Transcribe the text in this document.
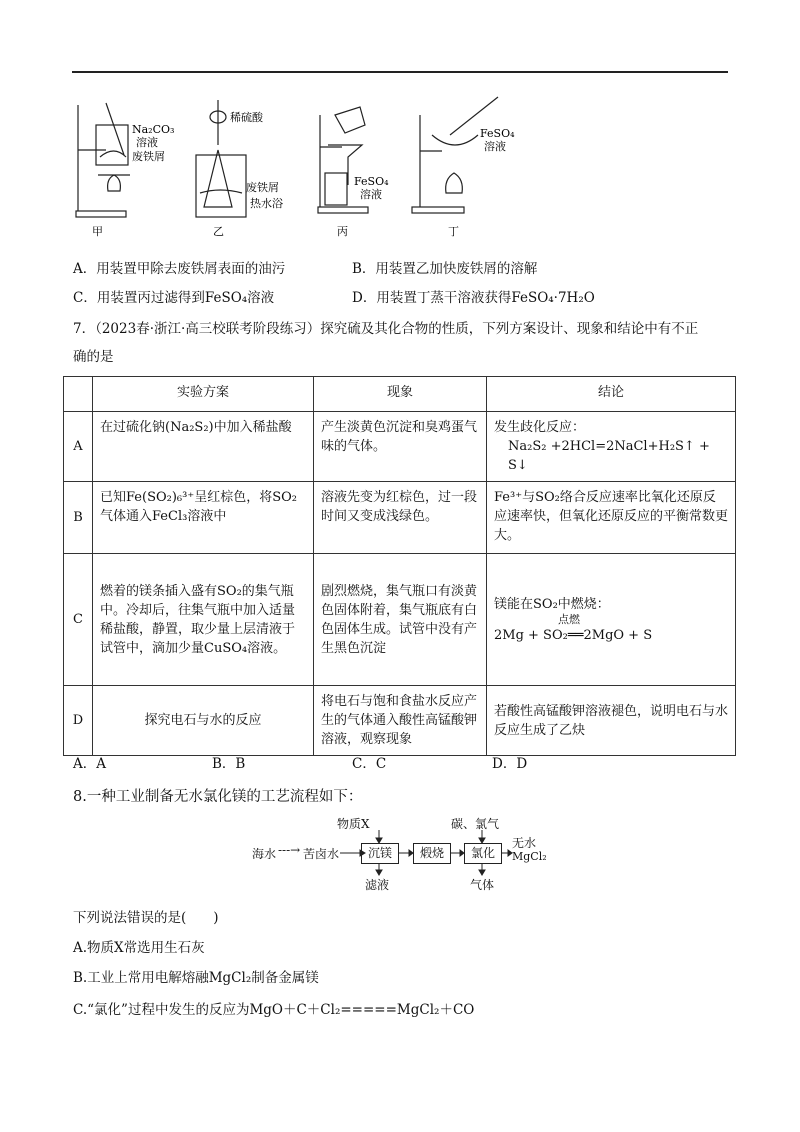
Na₂CO₃
溶液
废铁屑
稀硫酸
废铁屑
热水浴
FeSO₄
溶液
FeSO₄
溶液
甲	乙	丙	丁
A．用装置甲除去废铁屑表面的油污	B．用装置乙加快废铁屑的溶解
C．用装置丙过滤得到FeSO₄溶液	D．用装置丁蒸干溶液获得FeSO₄·7H₂O
7．（2023春·浙江·高三校联考阶段练习）探究硫及其化合物的性质，下列方案设计、现象和结论中有不正
确的是
	实验方案	现象	结论
A	在过硫化钠(Na₂S₂)中加入稀盐酸	产生淡黄色沉淀和臭鸡蛋气味的气体。	发生歧化反应：
Na₂S₂ +2HCl=2NaCl+H₂S↑ + S↓

B	已知Fe(SO₂)₆³⁺呈红棕色，将SO₂气体通入FeCl₃溶液中	溶液先变为红棕色，过一段时间又变成浅绿色。	Fe³⁺与SO₂络合反应速率比氧化还原反应速率快，但氧化还原反应的平衡常数更大。
C	燃着的镁条插入盛有SO₂的集气瓶中。冷却后，往集气瓶中加入适量稀盐酸，静置，取少量上层清液于试管中，滴加少量CuSO₄溶液。	剧烈燃烧，集气瓶口有淡黄色固体附着，集气瓶底有白色固体生成。试管中没有产生黑色沉淀	镁能在SO₂中燃烧：
点燃
2Mg + SO₂══2MgO + S

D	探究电石与水的反应	将电石与饱和食盐水反应产生的气体通入酸性高锰酸钾溶液，观察现象	若酸性高锰酸钾溶液褪色，说明电石与水反应生成了乙炔
A．A	B．B	C．C	D．D
8.一种工业制备无水氯化镁的工艺流程如下：
物质X	碳、氯气
海水 ---→ 苦卤水	沉镁	煅烧	氯化
无水
MgCl₂
滤液	气体
下列说法错误的是(　　)
A.物质X常选用生石灰
B.工业上常用电解熔融MgCl₂制备金属镁
C.“氯化”过程中发生的反应为MgO＋C＋Cl₂=====MgCl₂＋CO
